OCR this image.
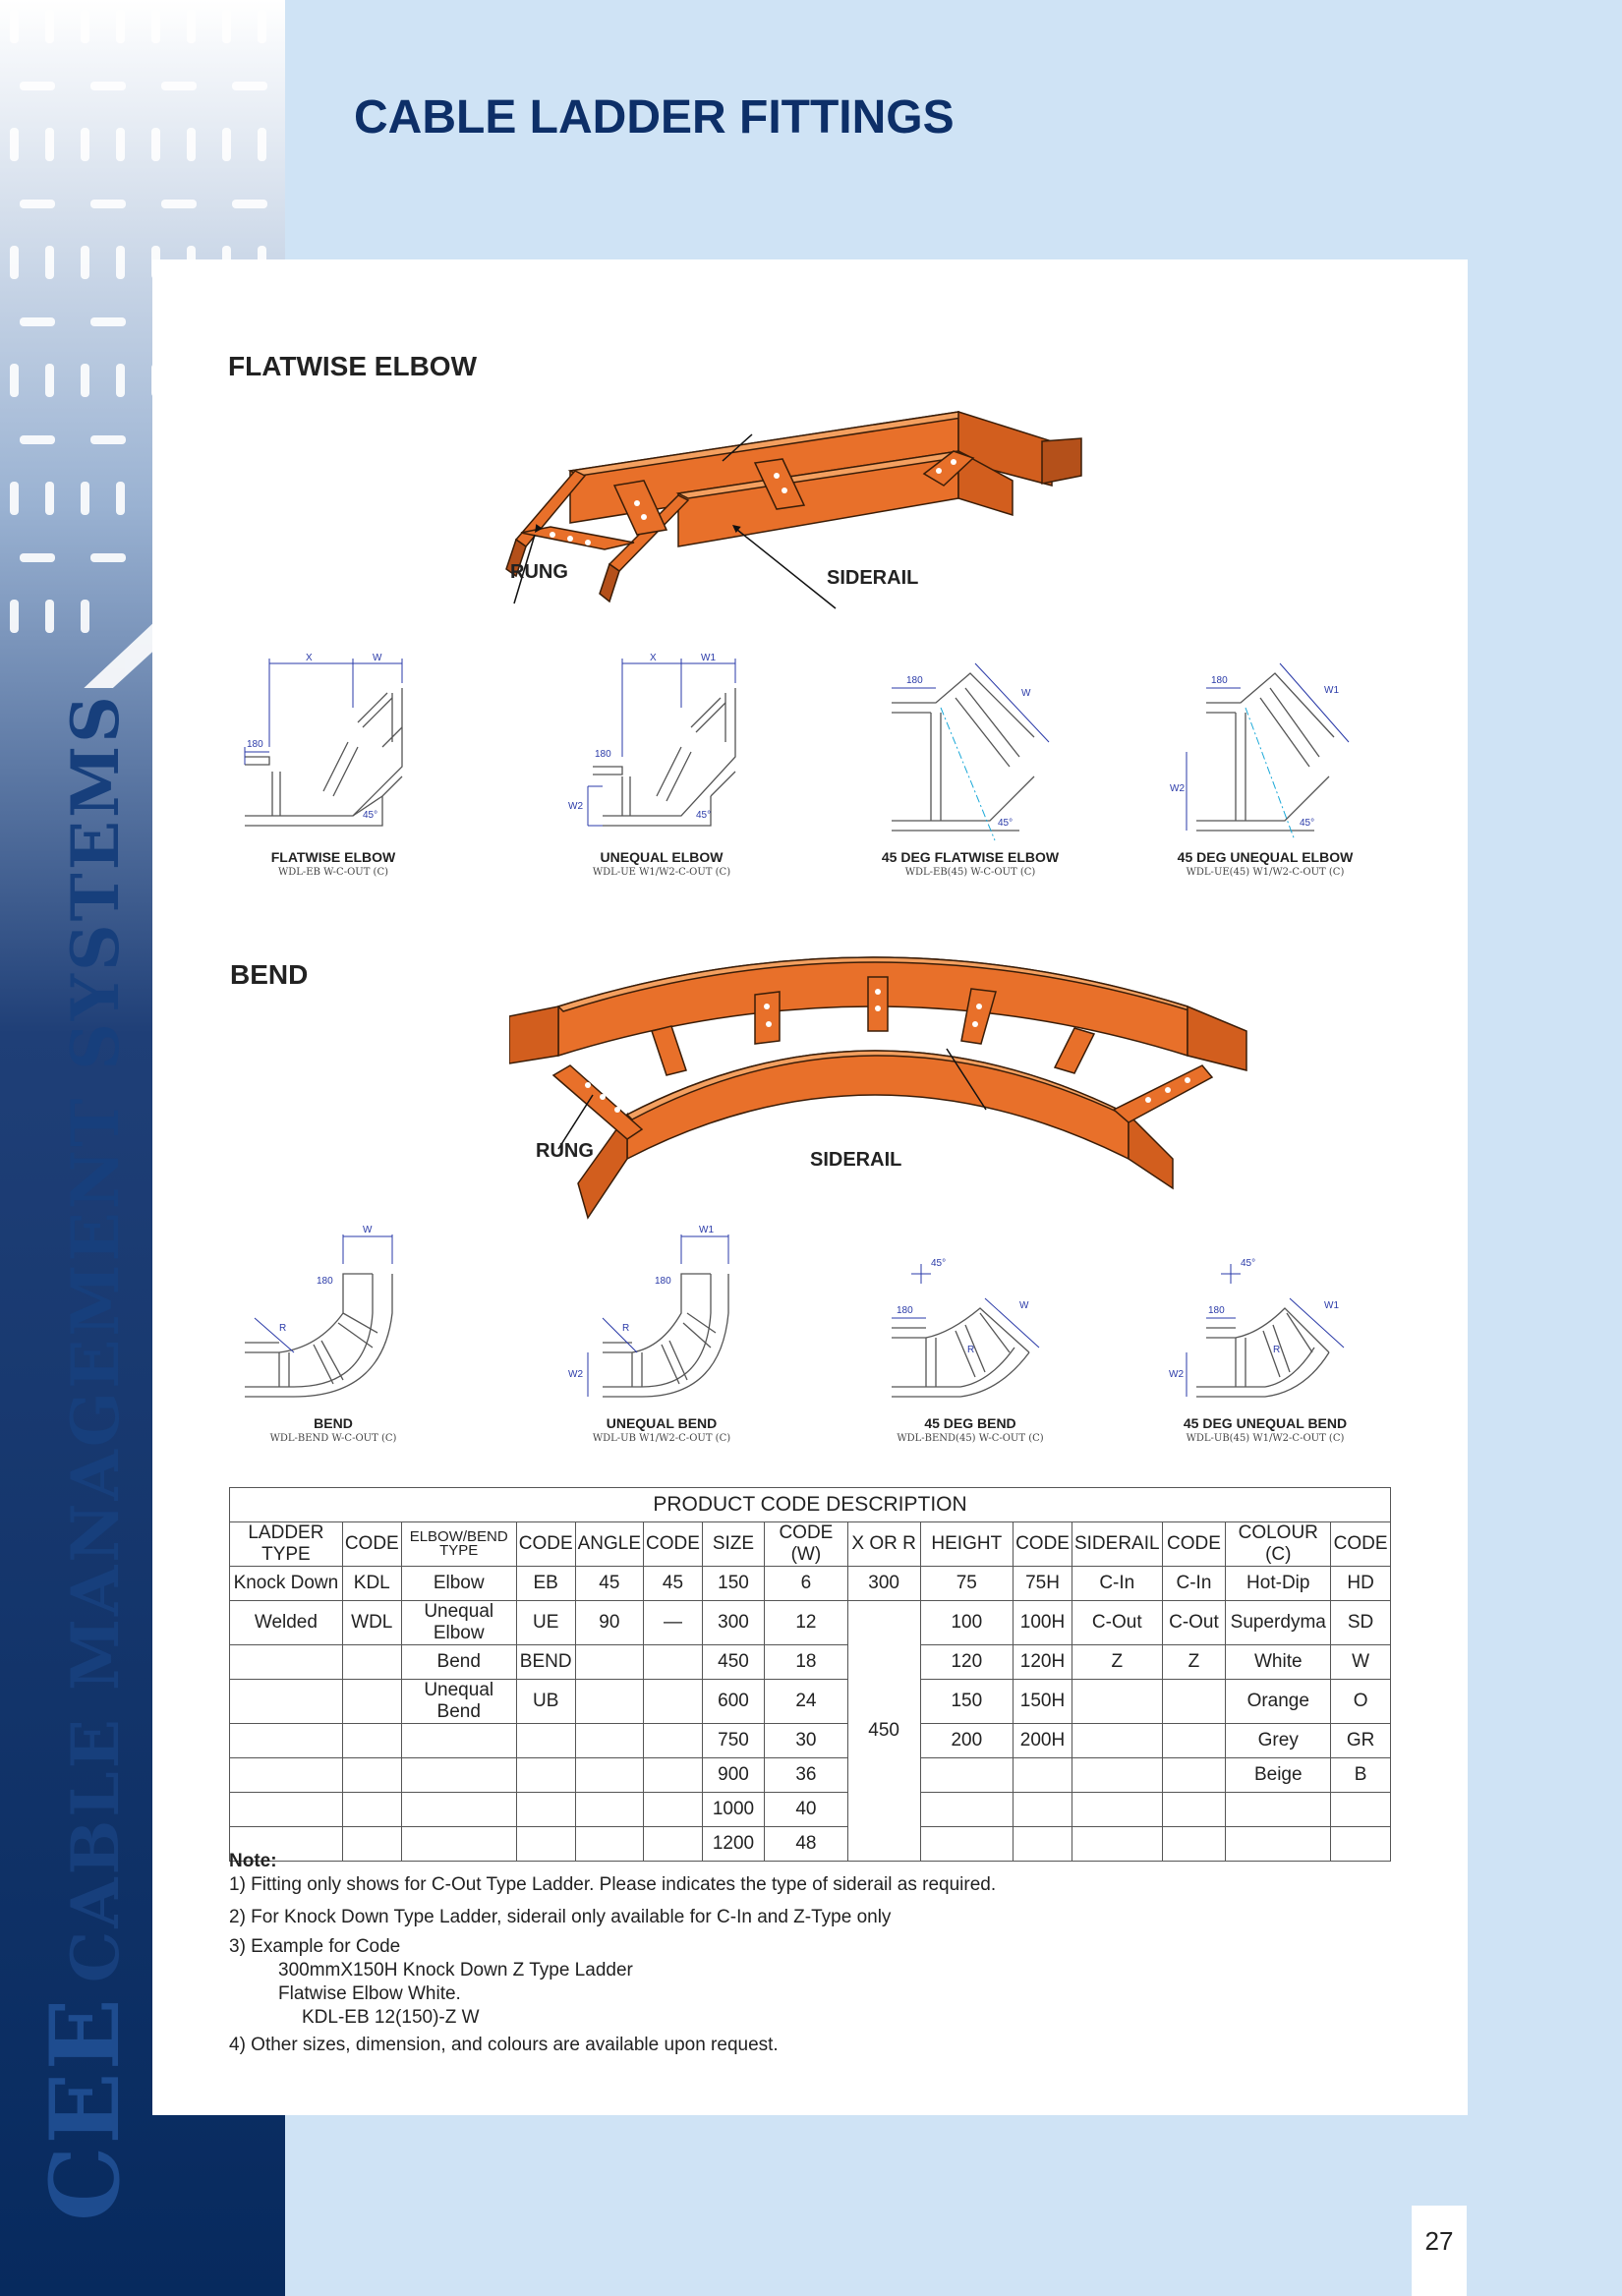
CEECABLE MANAGEMENT SYSTEMS
CABLE LADDER FITTINGS
FLATWISE ELBOW
RUNG	SIDERAIL
X	W
180
45°
FLATWISE ELBOW
WDL-EB W-C-OUT (C)
X	W1
180
W2
45°
UNEQUAL ELBOW
WDL-UE W1/W2-C-OUT (C)
180
W
45°
45 DEG FLATWISE ELBOW
WDL-EB(45) W-C-OUT (C)
180
W1
W2
45°
45 DEG UNEQUAL ELBOW
WDL-UE(45) W1/W2-C-OUT (C)
BEND
RUNG	SIDERAIL
W
180
R
BEND
WDL-BEND W-C-OUT (C)
W1
180
R
W2
UNEQUAL BEND
WDL-UB W1/W2-C-OUT (C)
45°
180	W
R
45 DEG BEND
WDL-BEND(45) W-C-OUT (C)
45°
180	W1
R
W2
45 DEG UNEQUAL BEND
WDL-UB(45) W1/W2-C-OUT (C)
PRODUCT CODE DESCRIPTION														
LADDER TYPE	CODE	ELBOW/BEND TYPE	CODE	ANGLE	CODE	SIZE	CODE (W)	X OR R	HEIGHT	CODE	SIDERAIL	CODE	COLOUR (C)	CODE
Knock Down	KDL	Elbow	EB	45	45	150	6	300	75	75H	C-In	C-In	Hot-Dip	HD
Welded	WDL	Unequal Elbow	UE	90	—	300	12	450	100	100H	C-Out	C-Out	Superdyma	SD
		Bend	BEND			450	18		120	120H	Z	Z	White	W
		Unequal Bend	UB			600	24		150	150H			Orange	O
						750	30		200	200H			Grey	GR
						900	36						Beige	B
						1000	40							
						1200	48							

Note:

1) Fitting only shows for C-Out Type Ladder. Please indicates the type of siderail as required.

2) For Knock Down Type Ladder, siderail only available for C-In and Z-Type only

3) Example for Code

300mmX150H Knock Down Z Type Ladder

Flatwise Elbow White.

KDL-EB 12(150)-Z W

4) Other sizes, dimension, and colours are available upon request.

27
